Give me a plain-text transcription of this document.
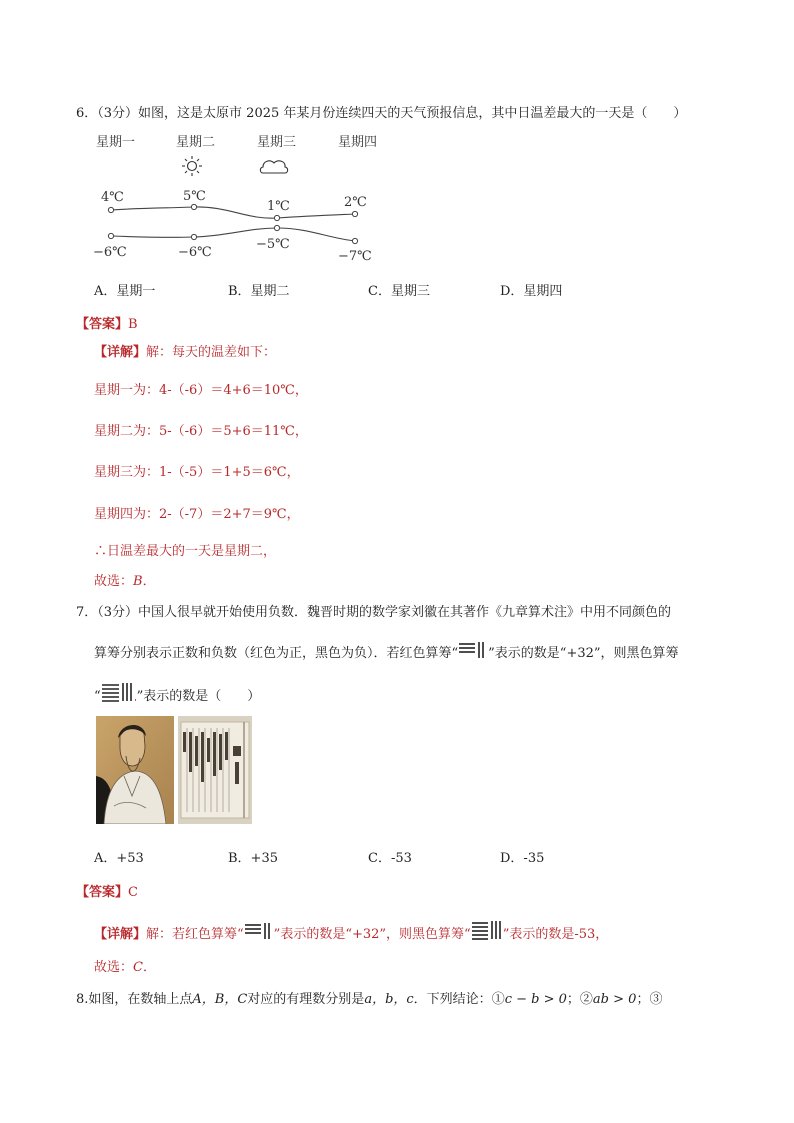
6．（3分）如图，这是太原市 2025 年某月份连续四天的天气预报信息，其中日温差最大的一天是（　　）
星期一	星期二	星期三	星期四
4℃	5℃
1℃	2℃
−6℃	−6℃
−5℃
−7℃
A．星期一	B．星期二	C．星期三	D．星期四
【答案】B
【详解】解：每天的温差如下：
星期一为：4-（-6）＝4+6＝10℃，
星期二为：5-（-6）＝5+6＝11℃，
星期三为：1-（-5）＝1+5＝6℃，
星期四为：2-（-7）＝2+7＝9℃，
∴日温差最大的一天是星期二，
故选：B．
7．（3分）中国人很早就开始使用负数．魏晋时期的数学家刘徽在其著作《九章算术注》中用不同颜色的
算筹分别表示正数和负数（红色为正，黑色为负）．若红色算筹“ ”表示的数是“+32”，则黑色算筹
“	”表示的数是（　　）
A．+53	B．+35	C．-53	D．-35
【答案】C
【详解】解：若红色算筹“ ”表示的数是“+32”，则黑色算筹“ ”表示的数是-53，
故选：C．
8.如图，在数轴上点A，B，C对应的有理数分别是a，b，c．下列结论：①c − b > 0；②ab > 0；③
